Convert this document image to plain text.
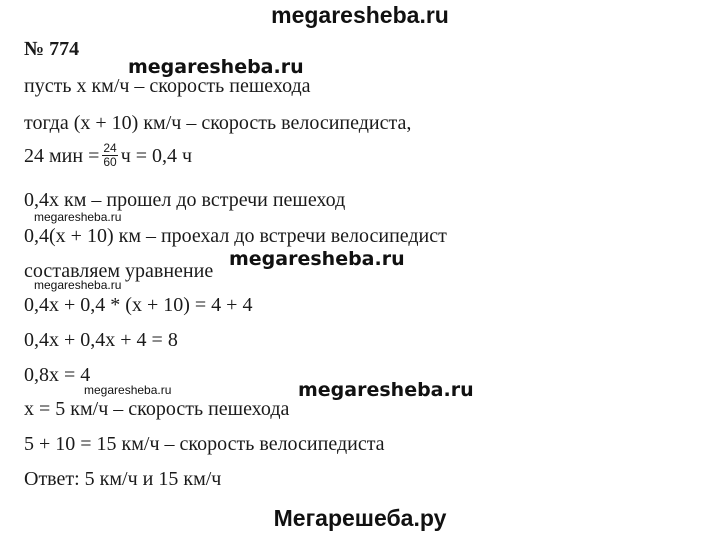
megaresheba.ru
№ 774
пусть х км/ч – скорость пешехода
тогда (х + 10) км/ч – скорость велосипедиста,
24 мин = $\frac{24}{60}$ ч = 0,4 ч
0,4х км – прошел до встречи пешеход
0,4(х + 10) км – проехал до встречи велосипедист
составляем уравнение
0,4х + 0,4 * (х + 10) = 4 + 4
0,4х + 0,4х + 4 = 8
0,8х = 4
х = 5 км/ч – скорость пешехода
5 + 10 = 15 км/ч – скорость велосипедиста
Ответ: 5 км/ч и 15 км/ч
megaresheba.ru
megaresheba.ru
megaresheba.ru
megaresheba.ru
megaresheba.ru	megaresheba.ru
Мегарешеба.ру
